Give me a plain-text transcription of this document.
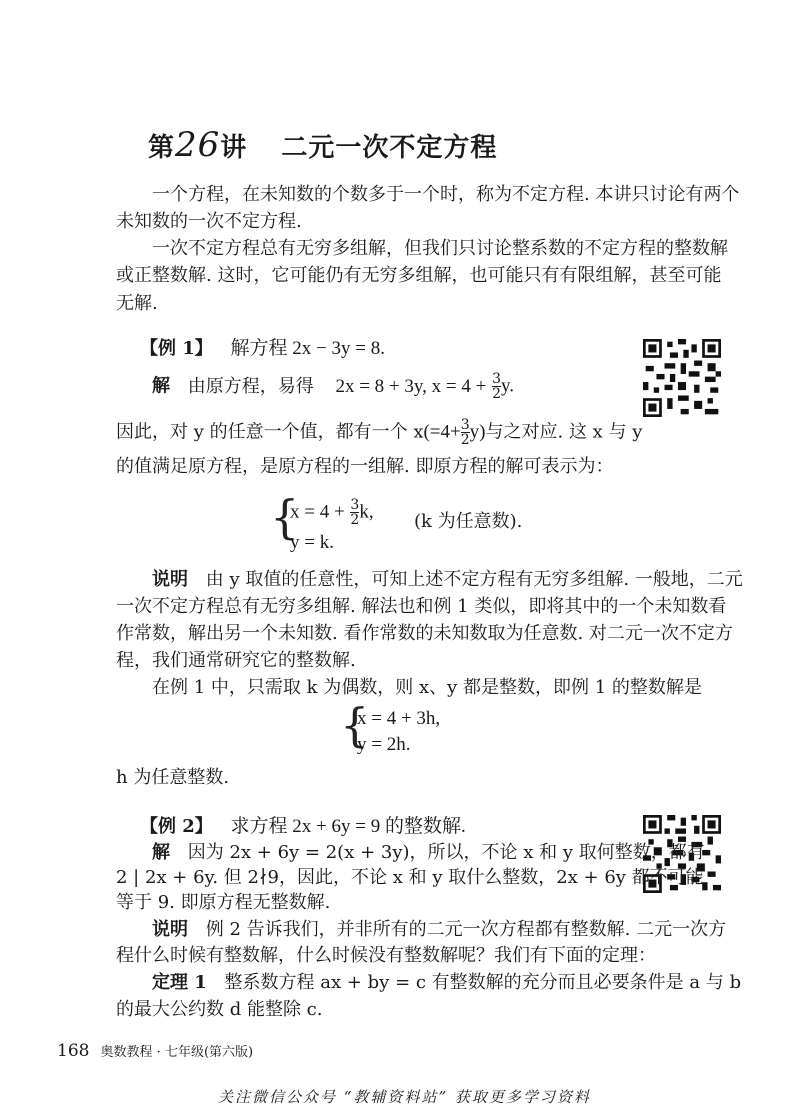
第26讲 二元一次不定方程
一个方程，在未知数的个数多于一个时，称为不定方程. 本讲只讨论有两个
未知数的一次不定方程.
一次不定方程总有无穷多组解，但我们只讨论整系数的不定方程的整数解
或正整数解. 这时，它可能仍有无穷多组解，也可能只有有限组解，甚至可能
无解.
【例 1】 解方程 2x − 3y = 8.
解 由原方程，易得 2x = 8 + 3y, $x = 4 + \frac{3}{2} y$.
因此，对 y 的任意一个值，都有一个 $x(=4+ \frac{3}{2} y)$与之对应. 这 x 与 y
的值满足原方程，是原方程的一组解. 即原方程的解可表示为：
{
$x = 4 + \frac{3}{2} k$,
y = k.
(k 为任意数).
说明 由 y 取值的任意性，可知上述不定方程有无穷多组解. 一般地，二元
一次不定方程总有无穷多组解. 解法也和例 1 类似，即将其中的一个未知数看
作常数，解出另一个未知数. 看作常数的未知数取为任意数. 对二元一次不定方
程，我们通常研究它的整数解.
在例 1 中，只需取 k 为偶数，则 x、y 都是整数，即例 1 的整数解是
{
x = 4 + 3h,
y = 2h.
h 为任意整数.
【例 2】 求方程 2x + 6y = 9 的整数解.
解 因为 2x + 6y = 2(x + 3y)，所以，不论 x 和 y 取何整数，都有
2 | 2x + 6y. 但 2∤9，因此，不论 x 和 y 取什么整数，2x + 6y 都不可能
等于 9. 即原方程无整数解.
说明 例 2 告诉我们，并非所有的二元一次方程都有整数解. 二元一次方
程什么时候有整数解，什么时候没有整数解呢？我们有下面的定理：
定理 1 整系数方程 ax + by = c 有整数解的充分而且必要条件是 a 与 b
的最大公约数 d 能整除 c.
168 奥数教程 · 七年级(第六版)
关注微信公众号 “教辅资料站” 获取更多学习资料
